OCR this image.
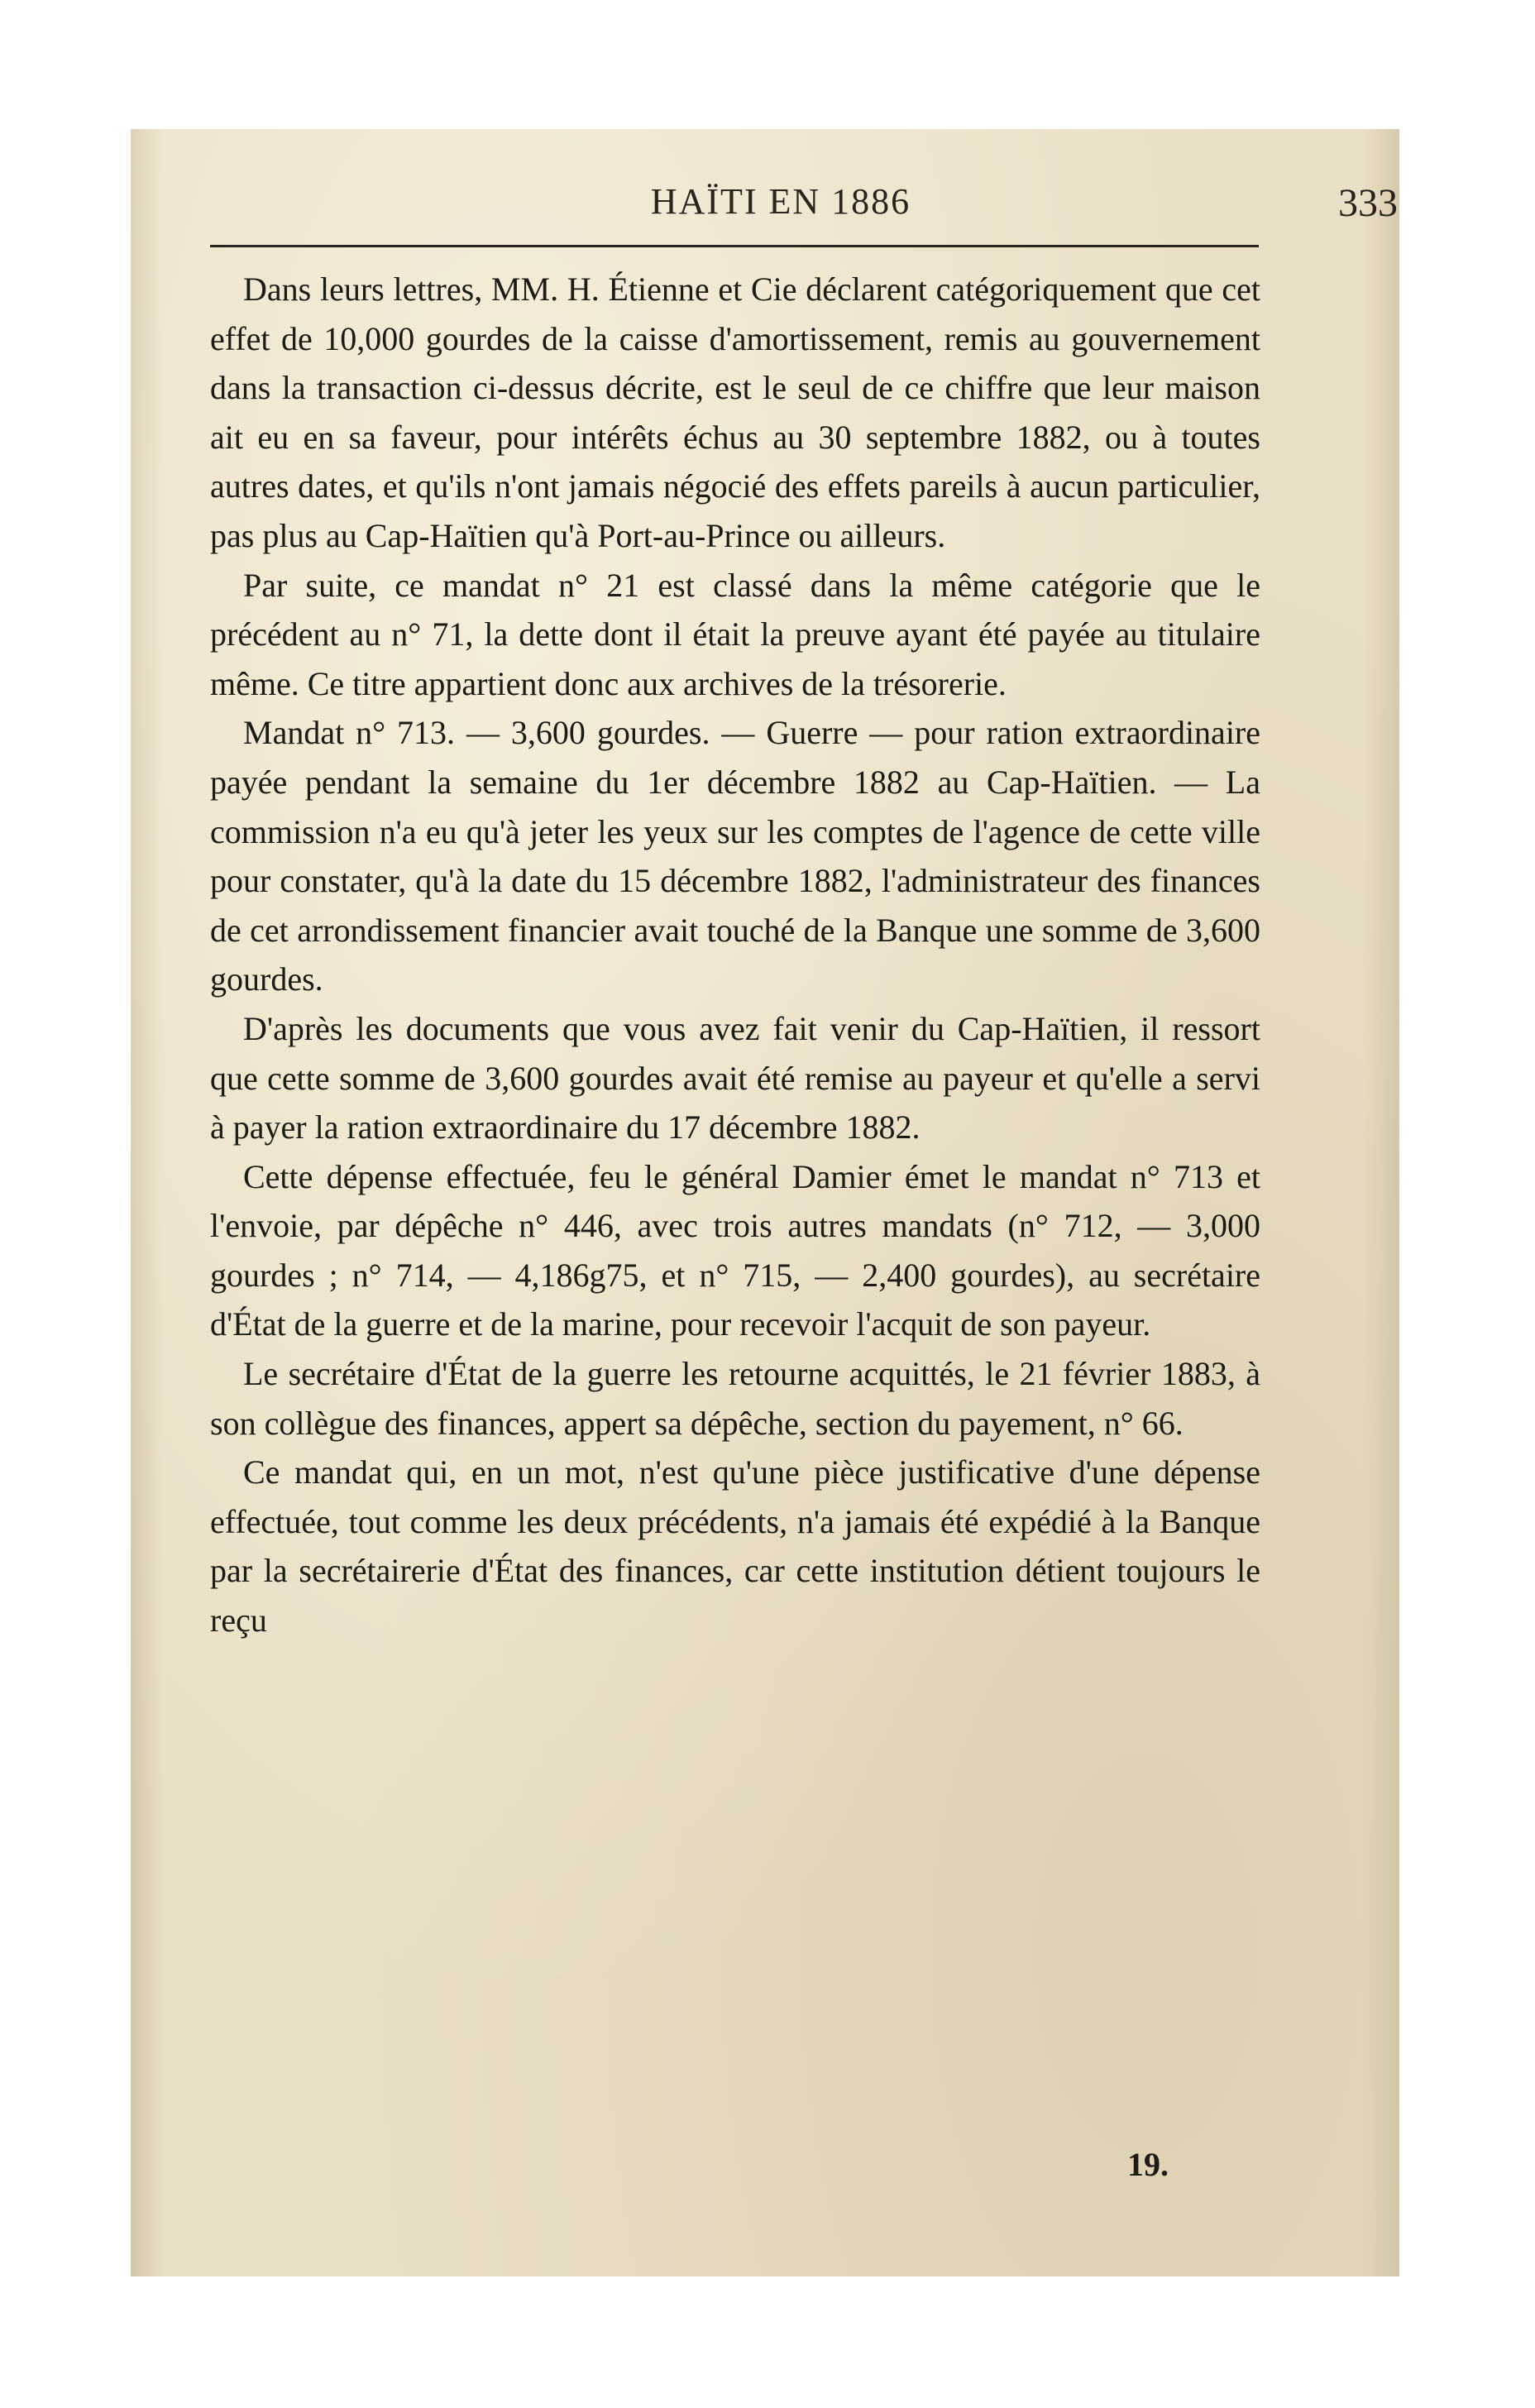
HAÏTI EN 1886	333

Dans leurs lettres, MM. H. Étienne et Cie déclarent catégoriquement que cet effet de 10,000 gourdes de la caisse d'amortissement, remis au gouvernement dans la transaction ci-dessus décrite, est le seul de ce chiffre que leur maison ait eu en sa faveur, pour intérêts échus au 30 septembre 1882, ou à toutes autres dates, et qu'ils n'ont jamais négocié des effets pareils à aucun particulier, pas plus au Cap-Haïtien qu'à Port-au-Prince ou ailleurs.

Par suite, ce mandat n° 21 est classé dans la même catégorie que le précédent au n° 71, la dette dont il était la preuve ayant été payée au titulaire même. Ce titre appartient donc aux archives de la trésorerie.

Mandat n° 713. — 3,600 gourdes. — Guerre — pour ration extraordinaire payée pendant la semaine du 1er décembre 1882 au Cap-Haïtien. — La commission n'a eu qu'à jeter les yeux sur les comptes de l'agence de cette ville pour constater, qu'à la date du 15 décembre 1882, l'administrateur des finances de cet arrondissement financier avait touché de la Banque une somme de 3,600 gourdes.

D'après les documents que vous avez fait venir du Cap-Haïtien, il ressort que cette somme de 3,600 gourdes avait été remise au payeur et qu'elle a servi à payer la ration extraordinaire du 17 décembre 1882.

Cette dépense effectuée, feu le général Damier émet le mandat n° 713 et l'envoie, par dépêche n° 446, avec trois autres mandats (n° 712, — 3,000 gourdes ; n° 714, — 4,186g75, et n° 715, — 2,400 gourdes), au secrétaire d'État de la guerre et de la marine, pour recevoir l'acquit de son payeur.

Le secrétaire d'État de la guerre les retourne acquittés, le 21 février 1883, à son collègue des finances, appert sa dépêche, section du payement, n° 66.

Ce mandat qui, en un mot, n'est qu'une pièce justificative d'une dépense effectuée, tout comme les deux précédents, n'a jamais été expédié à la Banque par la secrétairerie d'État des finances, car cette institution détient toujours le reçu

19.
